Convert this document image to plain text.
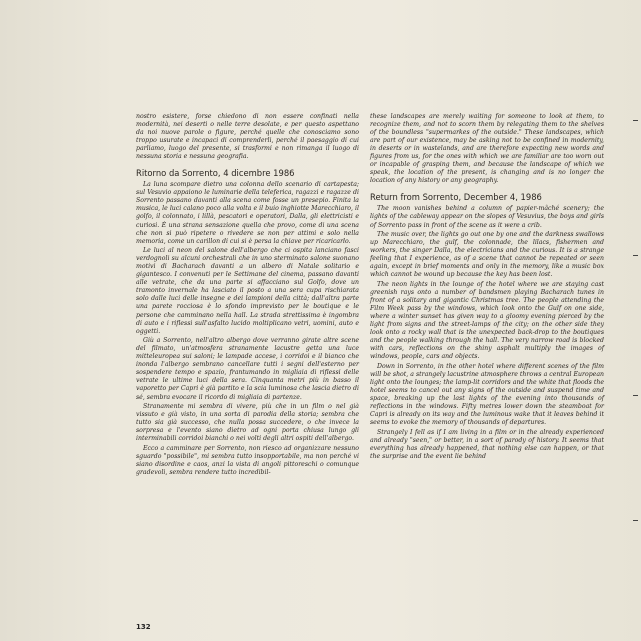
nostro esistere, forse chiedono di non essere confinati nella modernità, nei deserti o nelle terre desolate, e per questo aspettano da noi nuove parole o figure, perché quelle che conosciamo sono troppo usurate e incapaci di comprenderli, perché il paesaggio di cui parliamo, luogo del presente, si trasformi e non rimanga il luogo di nessuna storia e nessuna geografia.

Ritorno da Sorrento, 4 dicembre 1986

La luna scompare dietro una colonna dello scenario di cartapesta; sul Vesuvio appaiono le luminarie della teleferica, ragazzi e ragazze di Sorrento passano davanti alla scena come fosse un presepio. Finita la musica, le luci calano poco alla volta e il buio inghiotte Marecchiaro, il golfo, il colonnato, i lillà, pescatori e operatori, Dalla, gli elettricisti e curiosi. È una strana sensazione quella che provo, come di una scena che non si può ripetere o rivedere se non per attimi e solo nella memoria, come un carillon di cui si è persa la chiave per ricaricarlo.

Le luci al neon del salone dell'albergo che ci ospita lanciano fasci verdognoli su alcuni orchestrali che in uno sterminato salone suonano motivi di Bacharach davanti a un albero di Natale solitario e gigantesco. I convenuti per le Settimane del cinema, passano davanti alle vetrate, che da una parte si affacciano sul Golfo, dove un tramonto invernale ha lasciato il posto a una sera cupa rischiarata solo dalle luci delle insegne e dei lampioni della città; dall'altra parte una parete rocciosa è lo sfondo imprevisto per le boutique e le persone che camminano nella hall. La strada strettissima è ingombra di auto e i riflessi sull'asfalto lucido moltiplicano vetri, uomini, auto e oggetti.

Giù a Sorrento, nell'altro albergo dove verranno girate altre scene del filmato, un'atmosfera stranamente lacustre getta una luce mitteleuropea sui saloni; le lampade accese, i corridoi e il bianco che inonda l'albergo sembrano cancellare tutti i segni dell'esterno per sospendere tempo e spazio, frantumando in migliaia di riflessi delle vetrate le ultime luci della sera. Cinquanta metri più in basso il vaporetto per Capri è già partito e la scia luminosa che lascia dietro di sé, sembra evocare il ricordo di migliaia di partenze.

Stranamente mi sembra di vivere, più che in un film o nel già vissuto e già visto, in una sorta di parodia della storia; sembra che tutto sia già successo, che nulla possa succedere, o che invece la sorpresa e l'evento siano dietro ad ogni porta chiusa lungo gli interminabili corridoi bianchi o nei volti degli altri ospiti dell'albergo.

Ecco a camminare per Sorrento, non riesco ad organizzare nessuno sguardo "possibile", mi sembra tutto insopportabile, ma non perché vi siano disordine e caos, anzi la vista di angoli pittoreschi o comunque gradevoli, sembra rendere tutto incredibil-

these landscapes are merely waiting for someone to look at them, to recognize them, and not to scorn them by relegating them to the shelves of the boundless "supermarkes of the outside." These landscapes, which are part of our existence, may be asking not to be confined in modernity, in deserts or in wastelands, and are therefore expecting new words and figures from us, for the ones with which we are familiar are too worn out or incapable of grasping them, and because the landscape of which we speak, the location of the present, is changing and is no longer the location of any history or any geography.

Return from Sorrento, December 4, 1986

The moon vanishes behind a column of papier-mâché scenery; the lights of the cableway appear on the slopes of Vesuvius, the boys and girls of Sorrento pass in front of the scene as it were a crib.

The music over, the lights go out one by one and the darkness swallows up Marecchiaro, the gulf, the colonnade, the lilacs, fishermen and workers, the singer Dalla, the electricians and the curious. It is a strange feeling that I experience, as of a scene that cannot be repeated or seen again, except in brief moments and only in the memory, like a music box which cannot be wound up because the key has been lost.

The neon lights in the lounge of the hotel where we are staying cast greenish rays onto a number of bandsmen playing Bacharach tunes in front of a solitary and gigantic Christmas tree. The people attending the Film Week pass by the windows, which look onto the Gulf on one side, where a winter sunset has given way to a gloomy evening pierced by the light from signs and the street-lamps of the city; on the other side they look onto a rocky wall that is the unexpected back-drop to the boutiques and the people walking through the hall. The very narrow road is blocked with cars, reflections on the shiny asphalt multiply the images of windows, people, cars and objects.

Down in Sorrento, in the other hotel where different scenes of the film will be shot, a strangely lacustrine atmosphere throws a central European light onto the lounges; the lamp-lit corridors and the white that floods the hotel seems to cancel out any signs of the outside and suspend time and space, breaking up the last lights of the evening into thousands of reflections in the windows. Fifty metres lower down the steamboat for Capri is already on its way and the luminous wake that it leaves behind it seems to evoke the memory of thousands of departures.

Strangely I fell as if I am living in a film or in the already experienced and already "seen," or better, in a sort of parody of history. It seems that everything has already happened, that nothing else can happen, or that the surprise and the event lie behind

132
